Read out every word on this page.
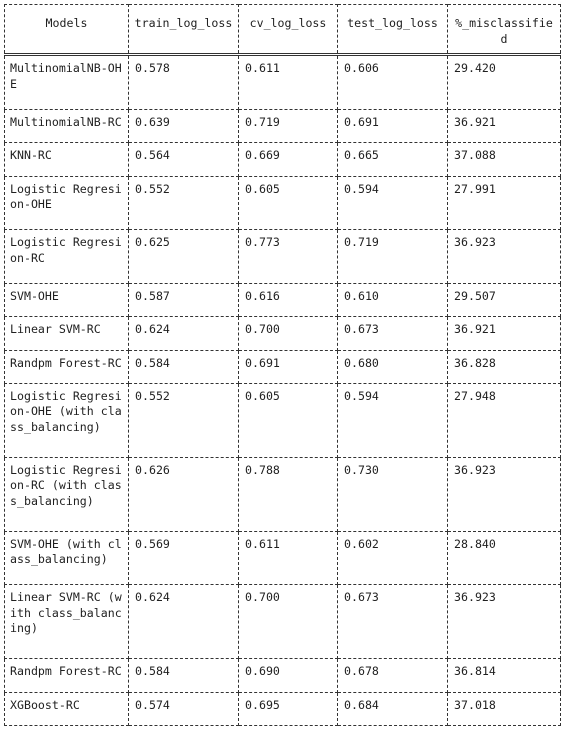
Models	train_log_loss	cv_log_loss	test_log_loss	%_misclassified
MultinomialNB-OHE	0.578	0.611	0.606	29.420
MultinomialNB-RC	0.639	0.719	0.691	36.921
KNN-RC	0.564	0.669	0.665	37.088
Logistic Regresion-OHE	0.552	0.605	0.594	27.991
Logistic Regresion-RC	0.625	0.773	0.719	36.923
SVM-OHE	0.587	0.616	0.610	29.507
Linear SVM-RC	0.624	0.700	0.673	36.921
Randpm Forest-RC	0.584	0.691	0.680	36.828
Logistic Regresion-OHE (with class_balancing)	0.552	0.605	0.594	27.948
Logistic Regresion-RC (with class_balancing)	0.626	0.788	0.730	36.923
SVM-OHE (with class_balancing)	0.569	0.611	0.602	28.840
Linear SVM-RC (with class_balancing)	0.624	0.700	0.673	36.923
Randpm Forest-RC	0.584	0.690	0.678	36.814
XGBoost-RC	0.574	0.695	0.684	37.018
